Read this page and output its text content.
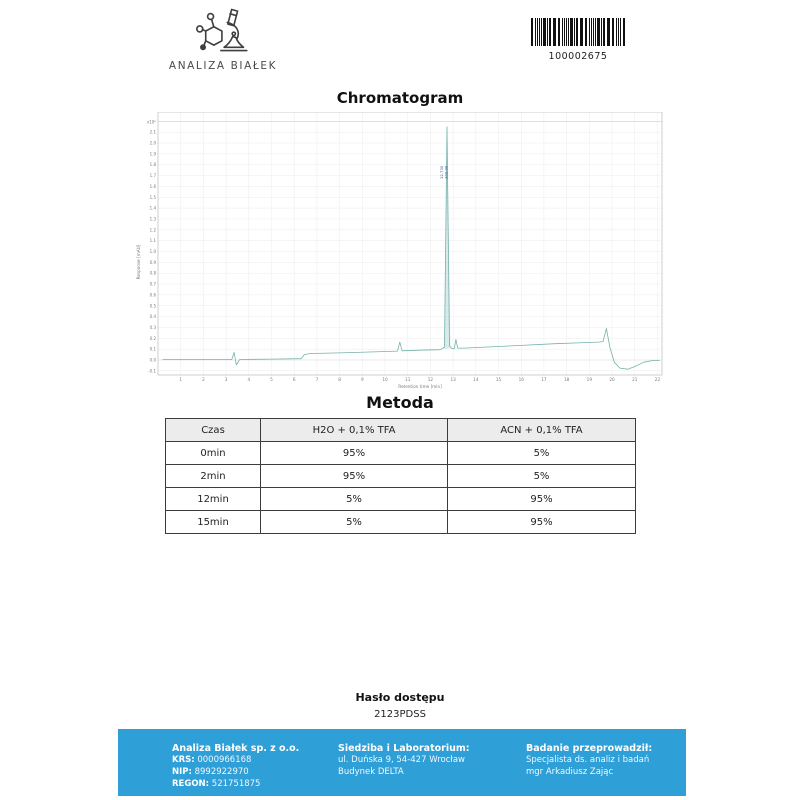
ANALIZA BIAŁEK
100002675
Chromatogram
2.1
2.0
1.9
1.8
1.7
1.6
1.5
1.4
1.3
1.2
1.1
1.0
0.9
0.8
0.7
0.6
0.5
0.4
0.3
0.2
0.1
0.0
-0.1
x10⁰
1	2	3	4	5	6	7	8	9	10	11	12	13	14	15	16	17	18	19	20	21	22
Retention time [min]
Response [mAU]
12.730 100.00
Metoda
Czas	H2O + 0,1% TFA	ACN + 0,1% TFA
0min	95%	5%
2min	95%	5%
12min	5%	95%
15min	5%	95%
Hasło dostępu
2123PDSS
Analiza Białek sp. z o.o.
KRS: 0000966168
NIP: 8992922970
REGON: 521751875
Siedziba i Laboratorium:
ul. Duńska 9, 54-427 Wrocław
Budynek DELTA
Badanie przeprowadził:
Specjalista ds. analiz i badań
mgr Arkadiusz Zając
